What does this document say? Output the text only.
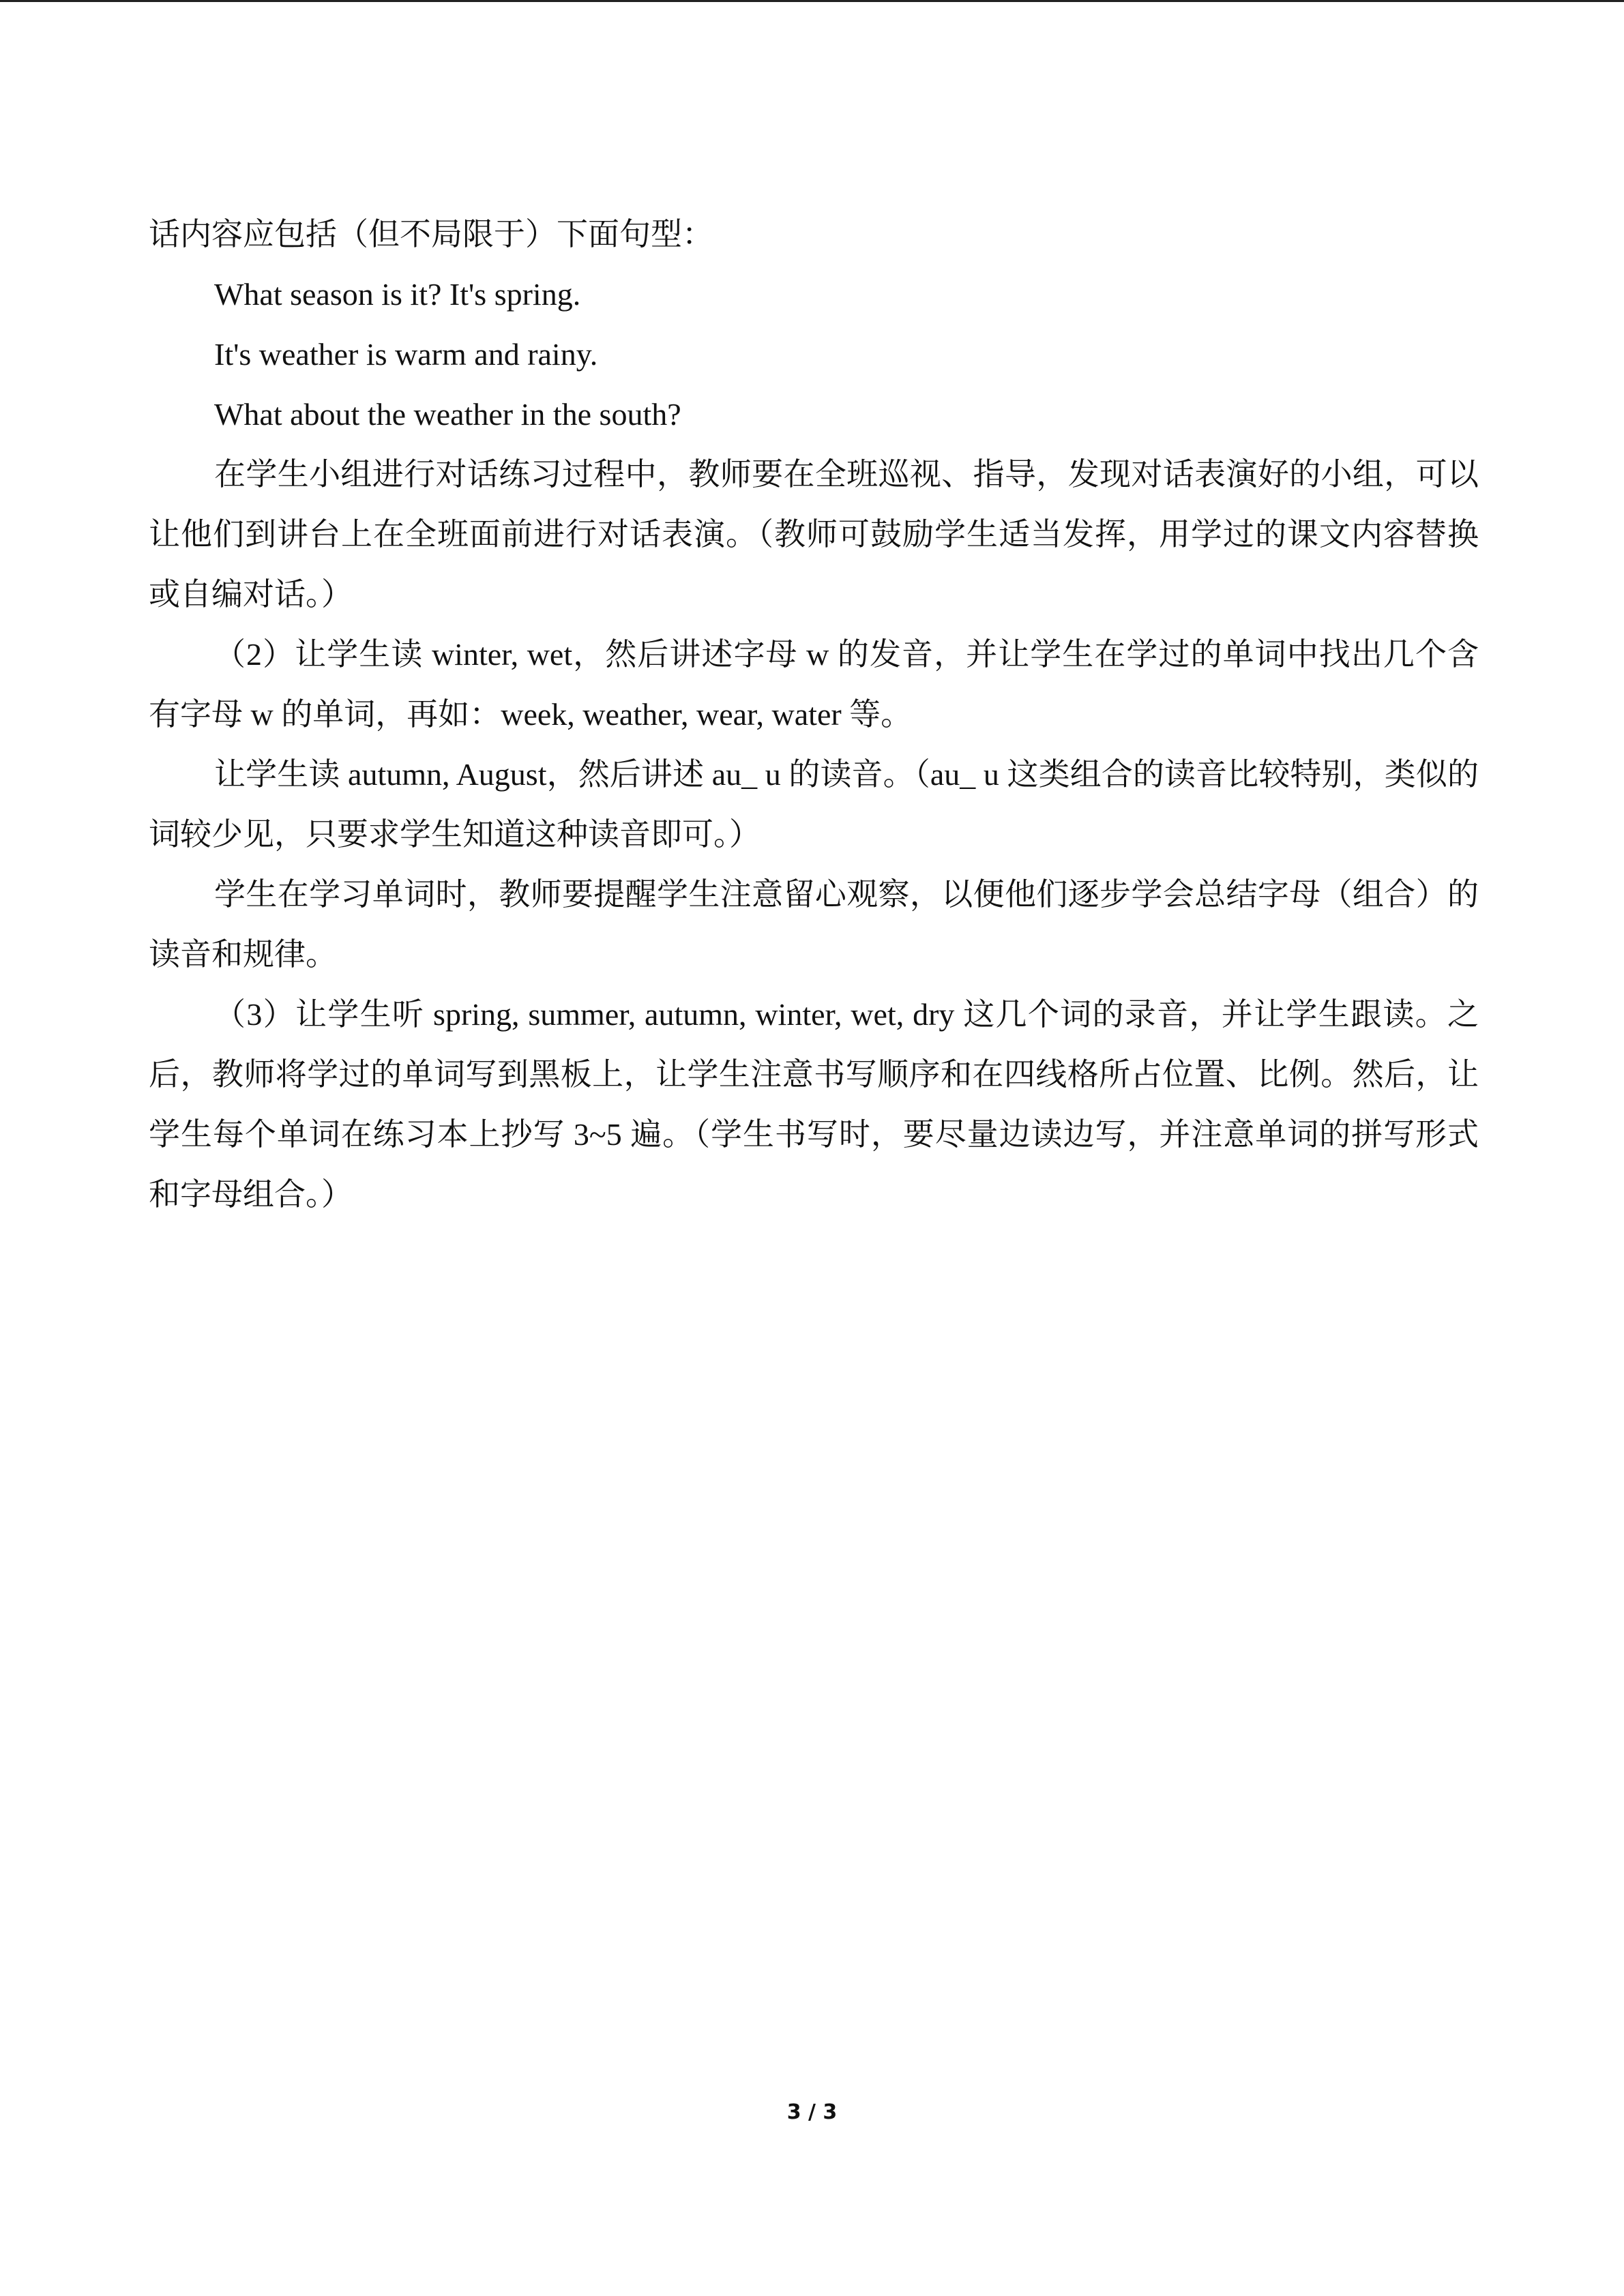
话内容应包括（但不局限于）下面句型：

What season is it? It's spring.

It's weather is warm and rainy.

What about the weather in the south?

在学生小组进行对话练习过程中，教师要在全班巡视、指导，发现对话表演好的小组，可以让他们到讲台上在全班面前进行对话表演。（教师可鼓励学生适当发挥，用学过的课文内容替换或自编对话。）

（2）让学生读 winter, wet，然后讲述字母 w 的发音，并让学生在学过的单词中找出几个含有字母 w 的单词，再如：week, weather, wear, water 等。

让学生读 autumn, August，然后讲述 au_ u 的读音。（au_ u 这类组合的读音比较特别，类似的词较少见，只要求学生知道这种读音即可。）

学生在学习单词时，教师要提醒学生注意留心观察，以便他们逐步学会总结字母（组合）的读音和规律。

（3）让学生听 spring, summer, autumn, winter, wet, dry 这几个词的录音，并让学生跟读。之后，教师将学过的单词写到黑板上，让学生注意书写顺序和在四线格所占位置、比例。然后，让学生每个单词在练习本上抄写 3~5 遍。（学生书写时，要尽量边读边写，并注意单词的拼写形式和字母组合。）

3 / 3
